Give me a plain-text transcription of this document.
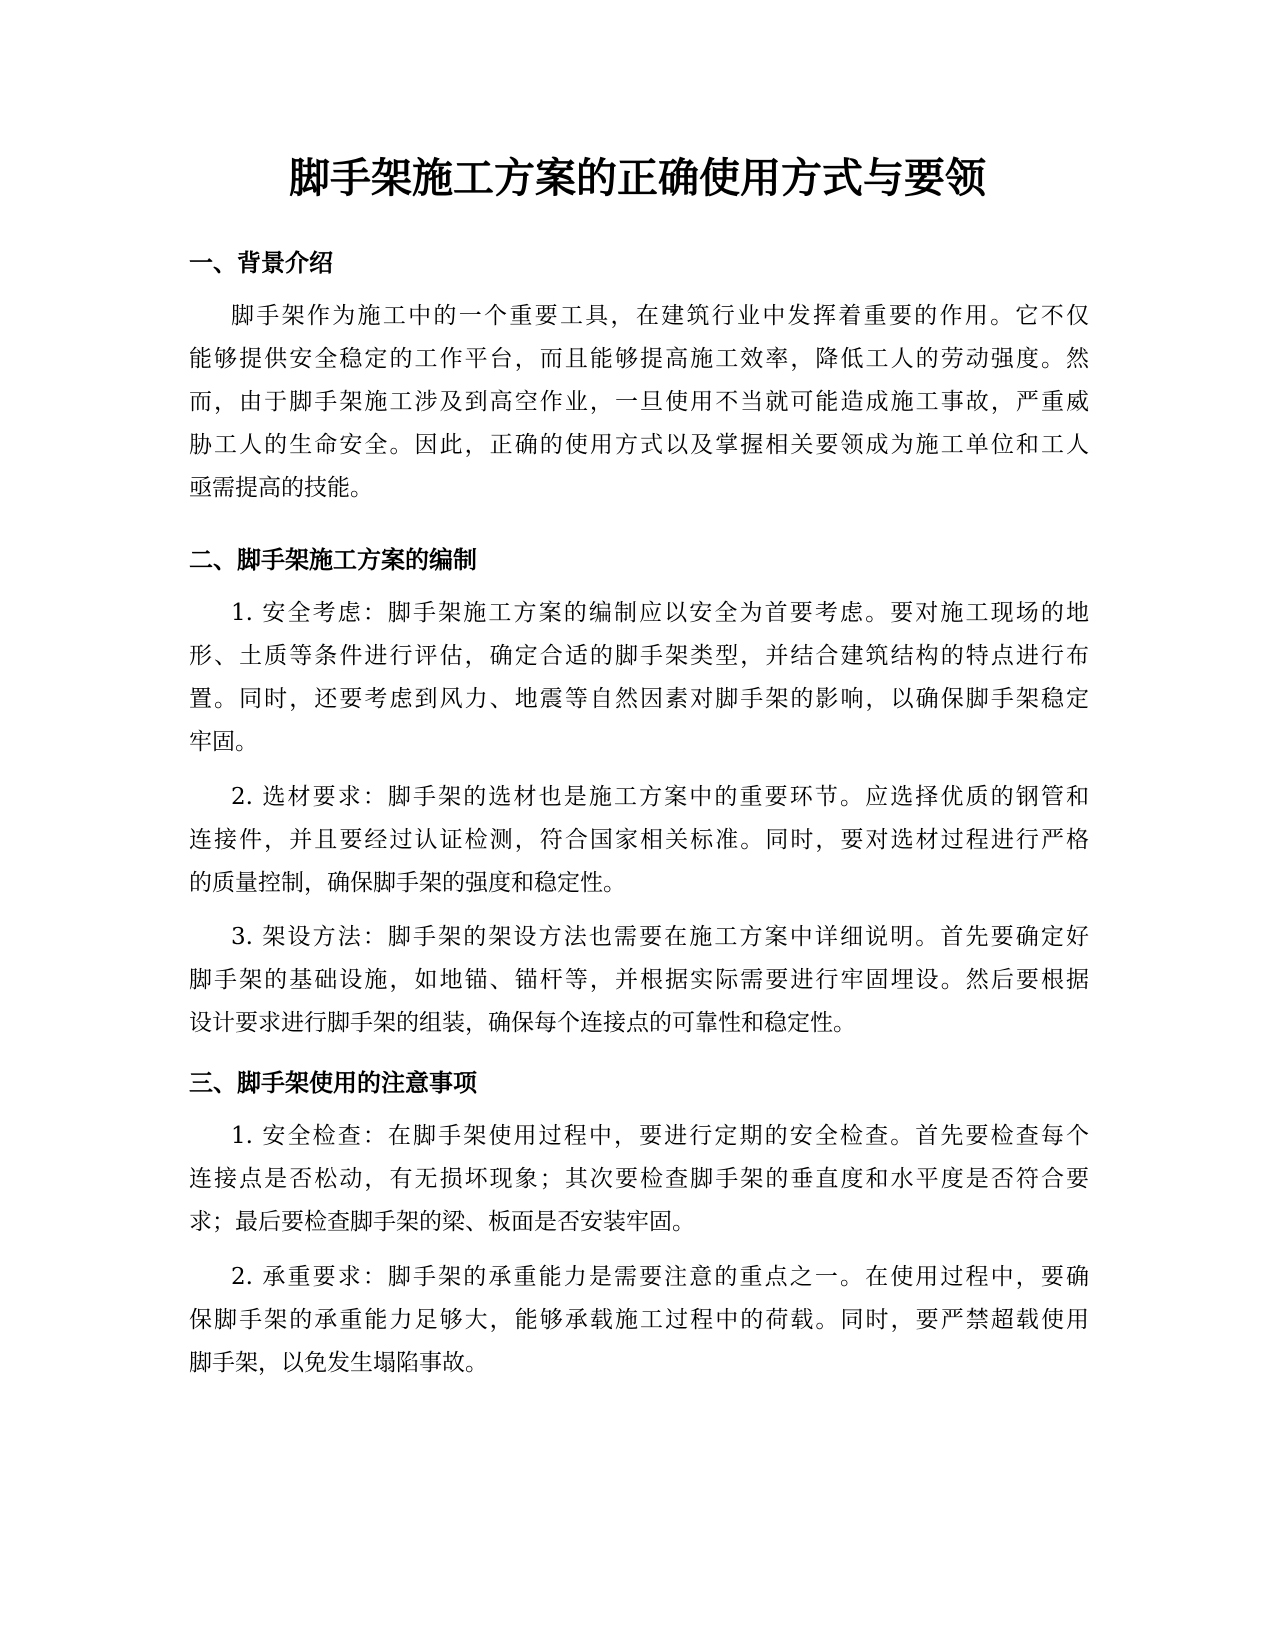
脚手架施工方案的正确使用方式与要领
一、背景介绍
脚手架作为施工中的一个重要工具，在建筑行业中发挥着重要的作用。它不仅
能够提供安全稳定的工作平台，而且能够提高施工效率，降低工人的劳动强度。然
而，由于脚手架施工涉及到高空作业，一旦使用不当就可能造成施工事故，严重威
胁工人的生命安全。因此，正确的使用方式以及掌握相关要领成为施工单位和工人
亟需提高的技能。
二、脚手架施工方案的编制
1. 安全考虑：脚手架施工方案的编制应以安全为首要考虑。要对施工现场的地
形、土质等条件进行评估，确定合适的脚手架类型，并结合建筑结构的特点进行布
置。同时，还要考虑到风力、地震等自然因素对脚手架的影响，以确保脚手架稳定
牢固。
2. 选材要求：脚手架的选材也是施工方案中的重要环节。应选择优质的钢管和
连接件，并且要经过认证检测，符合国家相关标准。同时，要对选材过程进行严格
的质量控制，确保脚手架的强度和稳定性。
3. 架设方法：脚手架的架设方法也需要在施工方案中详细说明。首先要确定好
脚手架的基础设施，如地锚、锚杆等，并根据实际需要进行牢固埋设。然后要根据
设计要求进行脚手架的组装，确保每个连接点的可靠性和稳定性。
三、脚手架使用的注意事项
1. 安全检查：在脚手架使用过程中，要进行定期的安全检查。首先要检查每个
连接点是否松动，有无损坏现象；其次要检查脚手架的垂直度和水平度是否符合要
求；最后要检查脚手架的梁、板面是否安装牢固。
2. 承重要求：脚手架的承重能力是需要注意的重点之一。在使用过程中，要确
保脚手架的承重能力足够大，能够承载施工过程中的荷载。同时，要严禁超载使用
脚手架，以免发生塌陷事故。
